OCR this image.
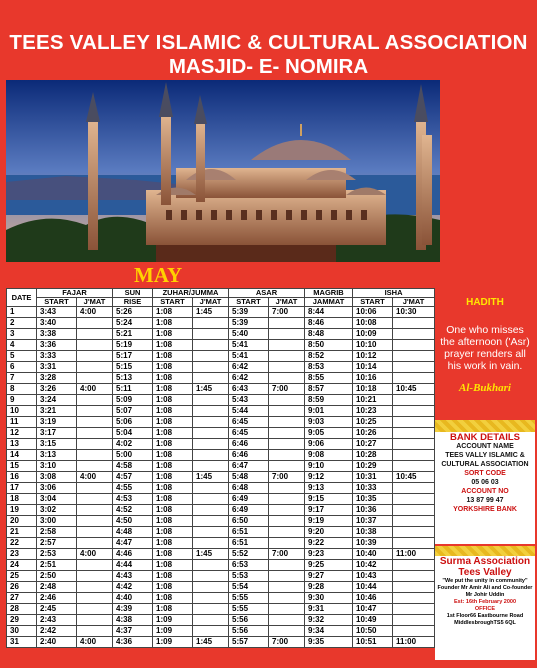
TEES VALLEY ISLAMIC & CULTURAL ASSOCIATION
MASJID- E- NOMIRA
MAY
DATE	FAJAR		SUN	ZUHAR/JUMMA		ASAR		MAGRIB	ISHA	
	START	J'MAT	RISE	START	J'MAT	START	J'MAT	JAMMAT	START	J'MAT
1	3:43	4:00	5:26	1:08	1:45	5:39	7:00	8:44	10:06	10:30
2	3:40		5:24	1:08		5:39		8:46	10:08	
3	3:38		5:21	1:08		5:40		8:48	10:09	
4	3:36		5:19	1:08		5:41		8:50	10:10	
5	3:33		5:17	1:08		5:41		8:52	10:12	
6	3:31		5:15	1:08		6:42		8:53	10:14	
7	3:28		5:13	1:08		6:42		8:55	10:16	
8	3:26	4:00	5:11	1:08	1:45	6:43	7:00	8:57	10:18	10:45
9	3:24		5:09	1:08		5:43		8:59	10:21	
10	3:21		5:07	1:08		5:44		9:01	10:23	
11	3:19		5:06	1:08		6:45		9:03	10:25	
12	3:17		5:04	1:08		6:45		9:05	10:26	
13	3:15		4:02	1:08		6:46		9:06	10:27	
14	3:13		5:00	1:08		6:46		9:08	10:28	
15	3:10		4:58	1:08		6:47		9:10	10:29	
16	3:08	4:00	4:57	1:08	1:45	5:48	7:00	9:12	10:31	10:45
17	3:06		4:55	1:08		6:48		9:13	10:33	
18	3:04		4:53	1:08		6:49		9:15	10:35	
19	3:02		4:52	1:08		6:49		9:17	10:36	
20	3:00		4:50	1:08		6:50		9:19	10:37	
21	2:58		4:48	1:08		6:51		9:20	10:38	
22	2:57		4:47	1:08		6:51		9:22	10:39	
23	2:53	4:00	4:46	1:08	1:45	5:52	7:00	9:23	10:40	11:00
24	2:51		4:44	1:08		6:53		9:25	10:42	
25	2:50		4:43	1:08		5:53		9:27	10:43	
26	2:48		4:42	1:08		5:54		9:28	10:44	
27	2:46		4:40	1:08		5:55		9:30	10:46	
28	2:45		4:39	1:08		5:55		9:31	10:47	
29	2:43		4:38	1:09		5:56		9:32	10:49	
30	2:42		4:37	1:09		5:56		9:34	10:50	
31	2:40	4:00	4:36	1:09	1:45	5:57	7:00	9:35	10:51	11:00
HADITH
One who misses the afternoon ('Asr) prayer renders all his work in vain.
Al-Bukhari
BANK DETAILS
ACCOUNT NAME
TEES VALLY ISLAMIC & CULTURAL ASSOCIATION
SORT CODE
05 06 03
ACCOUNT NO
13 87 99 47
YORKSHIRE BANK
Surma Association Tees Valley
"We put the unity in community"
Founder Mr Amir Ali and Co-founder Mr Johir Uddin
Est: 16th February 2000
OFFICE
1st Floor66 Eastbourne Road MiddlesbroughTS5 6QL
